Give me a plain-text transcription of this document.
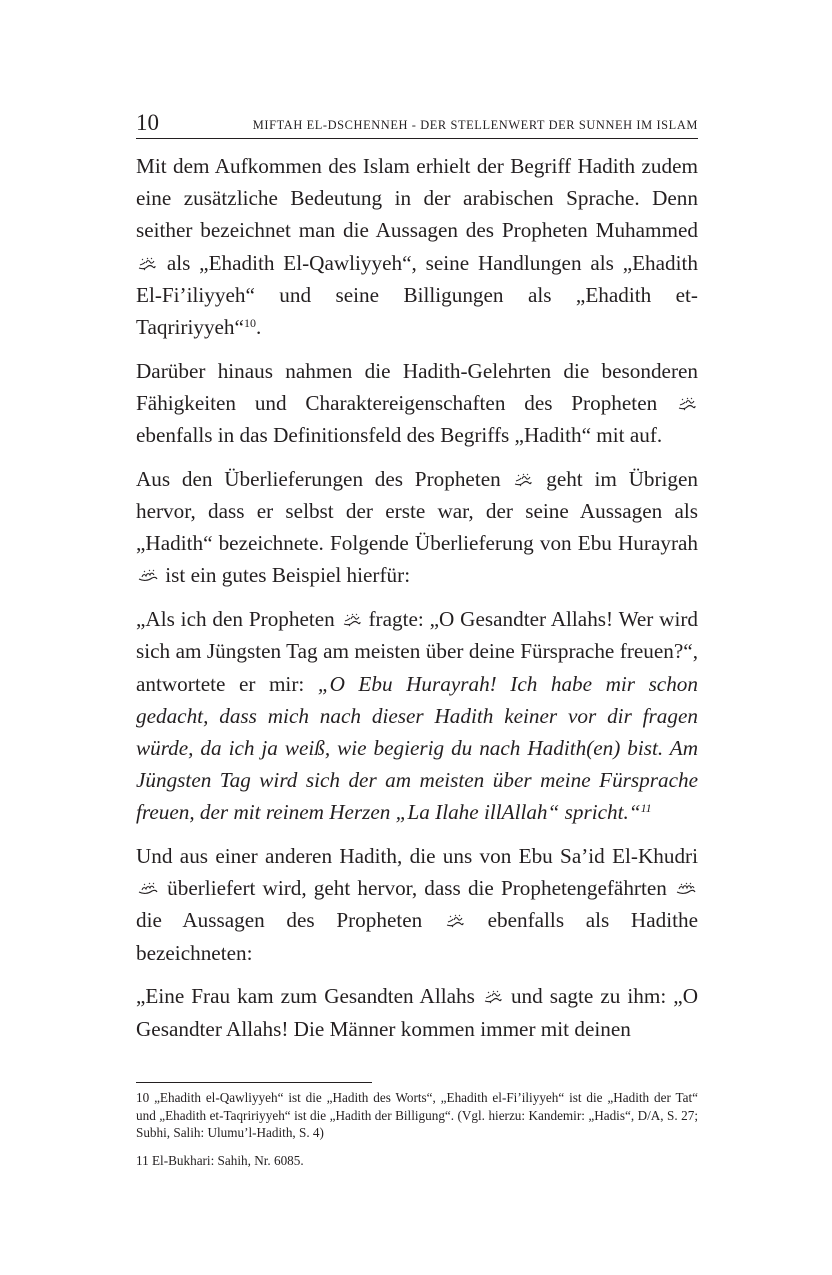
10	MIFTAH EL-DSCHENNEH - DER STELLENWERT DER SUNNEH IM ISLAM

Mit dem Aufkommen des Islam erhielt der Begriff Hadith zudem eine zusätzliche Bedeutung in der arabischen Sprache. Denn seither bezeichnet man die Aussagen des Propheten Muhammed  als „Ehadith El-Qawliyyeh“, seine Handlungen als „Ehadith El-Fi’iliyyeh“ und seine Billigungen als „Ehadith et-Taqririyyeh“$^{10}$.

Darüber hinaus nahmen die Hadith-Gelehrten die besonderen Fähigkeiten und Charaktereigenschaften des Propheten  ebenfalls in das Definitionsfeld des Begriffs „Hadith“ mit auf.

Aus den Überlieferungen des Propheten geht im Übrigen hervor, dass er selbst der erste war, der seine Aussagen als „Hadith“ bezeichnete. Folgende Überlieferung von Ebu Hurayrah  ist ein gutes Beispiel hierfür:

„Als ich den Propheten fragte: „O Gesandter Allahs! Wer wird sich am Jüngsten Tag am meisten über deine Fürsprache freuen?“, antwortete er mir: „O Ebu Hurayrah! Ich habe mir schon gedacht, dass mich nach dieser Hadith keiner vor dir fragen würde, da ich ja weiß, wie begierig du nach Hadith(en) bist. Am Jüngsten Tag wird sich der am meisten über meine Fürsprache freuen, der mit reinem Herzen „La Ilahe illAllah“ spricht.“$^{11}$

Und aus einer anderen Hadith, die uns von Ebu Sa’id El-Khudri  überliefert wird, geht hervor, dass die Prophetengefährten  die Aussagen des Propheten	ebenfalls als Hadithe bezeichneten:

„Eine Frau kam zum Gesandten Allahs und sagte zu ihm: „O Gesandter Allahs! Die Männer kommen immer mit deinen

10 „Ehadith el-Qawliyyeh“ ist die „Hadith des Worts“, „Ehadith el-Fi’iliyyeh“ ist die „Hadith der Tat“ und „Ehadith et-Taqririyyeh“ ist die „Hadith der Billigung“. (Vgl. hierzu: Kandemir: „Hadis“, D/A, S. 27; Subhi, Salih: Ulumu’l-Hadith, S. 4)

11 El-Bukhari: Sahih, Nr. 6085.
